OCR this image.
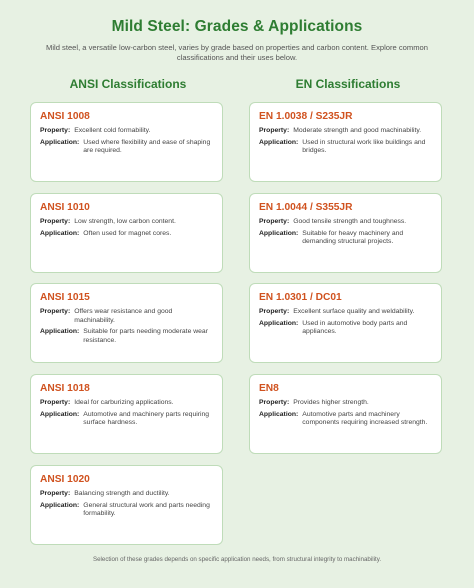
Mild Steel: Grades & Applications
Mild steel, a versatile low-carbon steel, varies by grade based on properties and carbon content. Explore common classifications and their uses below.
ANSI Classifications	EN Classifications
ANSI 1008
Property: Excellent cold formability.
Application: Used where flexibility and ease of shaping are required.
ANSI 1010
Property: Low strength, low carbon content.
Application: Often used for magnet cores.
ANSI 1015
Property: Offers wear resistance and good machinability.
Application: Suitable for parts needing moderate wear resistance.
ANSI 1018
Property: Ideal for carburizing applications.
Application: Automotive and machinery parts requiring surface hardness.
ANSI 1020
Property: Balancing strength and ductility.
Application: General structural work and parts needing formability.
EN 1.0038 / S235JR
Property: Moderate strength and good machinability.
Application: Used in structural work like buildings and bridges.
EN 1.0044 / S355JR
Property: Good tensile strength and toughness.
Application: Suitable for heavy machinery and demanding structural projects.
EN 1.0301 / DC01
Property: Excellent surface quality and weldability.
Application: Used in automotive body parts and appliances.
EN8
Property: Provides higher strength.
Application: Automotive parts and machinery components requiring increased strength.
Selection of these grades depends on specific application needs, from structural integrity to machinability.
